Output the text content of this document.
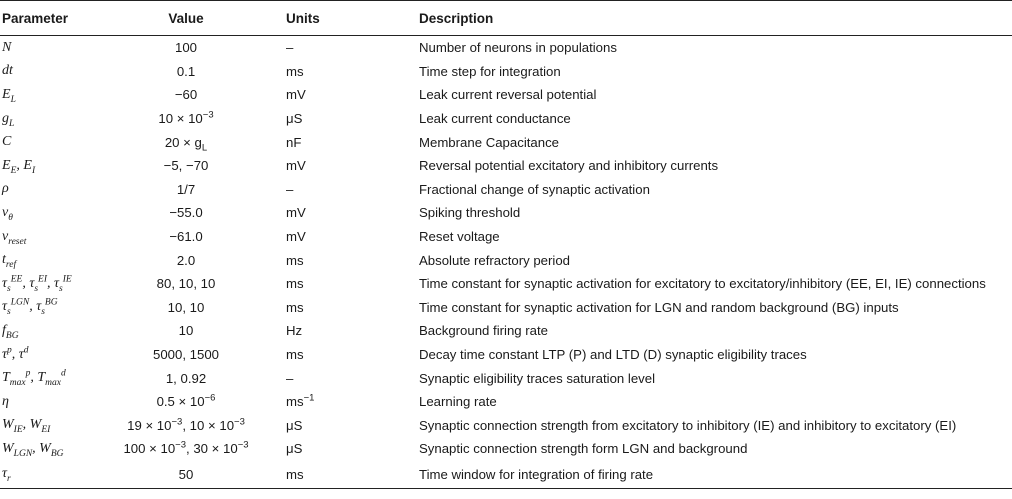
Parameter	Value	Units	Description
N	100	–	Number of neurons in populations
dt	0.1	ms	Time step for integration
$E_L$	−60	mV	Leak current reversal potential
$g_L$	$10 \times 10^{-3}$	μS	Leak current conductance
C	$20 \times g_L$	nF	Membrane Capacitance
$E_E$, $E_I$	−5, −70	mV	Reversal potential excitatory and inhibitory currents
ρ	1/7	–	Fractional change of synaptic activation
$v_\theta$	−55.0	mV	Spiking threshold
$v_{reset}$	−61.0	mV	Reset voltage
$t_{ref}$	2.0	ms	Absolute refractory period
$\tau_s^{EE}$, $\tau_s^{EI}$, $\tau_s^{IE}$	80, 10, 10	ms	Time constant for synaptic activation for excitatory to excitatory/inhibitory (EE, EI, IE) connections
$\tau_s^{LGN}$, $\tau_s^{BG}$	10, 10	ms	Time constant for synaptic activation for LGN and random background (BG) inputs
$f_{BG}$	10	Hz	Background firing rate
$\tau^p$, $\tau^d$	5000, 1500	ms	Decay time constant LTP (P) and LTD (D) synaptic eligibility traces
$T_{max}^p$, $T_{max}^d$	1, 0.92	–	Synaptic eligibility traces saturation level
η	$0.5 \times 10^{-6}$	$ms^{-1}$	Learning rate
$W_{IE}$, $W_{EI}$	$19 \times 10^{-3}$, $10 \times 10^{-3}$	μS	Synaptic connection strength from excitatory to inhibitory (IE) and inhibitory to excitatory (EI)
$W_{LGN}$, $W_{BG}$	$100 \times 10^{-3}$, $30 \times 10^{-3}$	μS	Synaptic connection strength form LGN and background
$\tau_r$	50	ms	Time window for integration of firing rate
